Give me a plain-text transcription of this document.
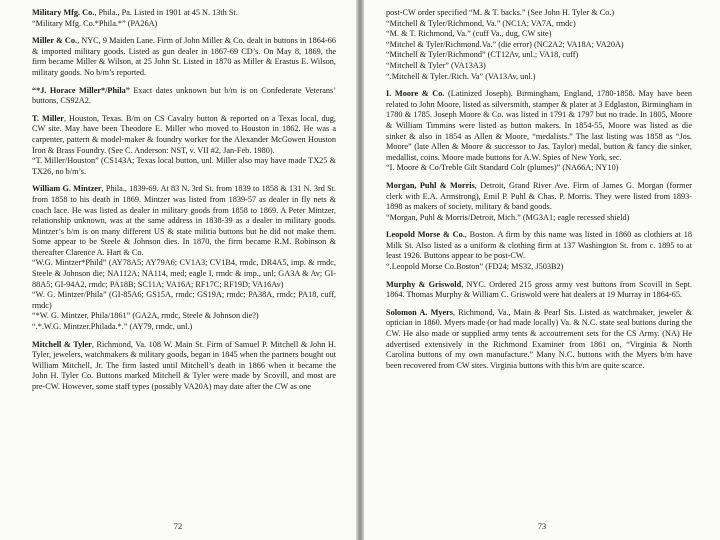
Military Mfg. Co., Phila., Pa. Listed in 1901 at 45 N. 13th St.

“Military Mfg. Co.*Phila.*” (PA26A)

Miller & Co., NYC, 9 Maiden Lane. Firm of John Miller & Co. dealt in buttons in 1864-66 & imported military goods. Listed as gun dealer in 1867-69 CD’s. On May 8, 1869, the firm became Miller & Wilson, at 25 John St. Listed in 1870 as Miller & Erastus E. Wilson, military goods. No b/m’s reported.

“*J. Horace Miller*/Phila” Exact dates unknown but b/m is on Confederate Veterans’ buttons, CS92A2.

T. Miller, Houston, Texas. B/m on CS Cavalry button & reported on a Texas local, dug, CW site. May have been Theodore E. Miller who moved to Houston in 1862. He was a carpenter, pattern & model-maker & foundry worker for the Alexander McGowen Houston Iron & Brass Foundry. (See C. Anderson: NST, v. VII #2, Jan-Feb. 1980).

“T. Miller/Houston” (CS143A; Texas local button, unl. Miller also may have made TX25 & TX26, no b/m’s.

William G. Mintzer, Phila., 1839-69. At 83 N. 3rd St. from 1839 to 1858 & 131 N. 3rd St. from 1858 to his death in 1869. Mintzer was listed from 1839-57 as dealer in fly nets & coach lace. He was listed as dealer in military goods from 1858 to 1869. A Peter Mintzer, relationship unknown, was at the same address in 1838-39 as a dealer in military goods. Mintzer’s b/m is on many different US & state militia buttons but he did not make them. Some appear to be Steele & Johnson dies. In 1870, the firm became R.M. Robinson & thereafter Clarence A. Hart & Co.

“W.G. Mintzer*Phild” (AY78A5; AY79A6; CV1A3; CV1B4, rmdc, DR4A5, imp. & rmdc, Steele & Johnson die; NA112A; NA114, med; eagle I, rmdc & imp., unl; GA3A & Av; GI-88A5; GI-94A2, rmdc; PA18B; SC11A; VA16A; RF17C; RF19D; VA16Av)

“W. G. Mintzer/Phila” (GI-85A6; GS15A, rmdc; GS19A; rmdc; PA38A, rmdc; PA18, cuff, rmdc)

“*W. G. Mintzer, Phila/1861” (GA2A, rmdc, Steele & Johnson die?)

“.*.W.G. Mintzer.Philada.*.” (AY79, rmdc, unl.)

Mitchell & Tyler, Richmond, Va. 108 W. Main St. Firm of Samuel P. Mitchell & John H. Tyler, jewelers, watchmakers & military goods, began in 1845 when the partners bought out William Mitchell, Jr. The firm lasted until Mitchell’s death in 1866 when it became the John H. Tyler Co. Buttons marked Mitchell & Tyler were made by Scovill, and most are pre-CW. However, some staff types (possibly VA20A) may date after the CW as one

72

post-CW order specified “M. & T. backs.” (See John H. Tyler & Co.)

“Mitchell & Tyler/Richmond, Va.” (NC1A; VA7A, rmdc)

“M. & T. Richmond, Va.” (cuff Va., dug, CW site)

“Mitchel & Tyler/Richmond.Va.” (die error) (NC2A2; VA18A; VA20A)

“Mitchell & Tyler/Richmond” (CT12Av, unl.; VA18, cuff)

“Mitchell & Tyler” (VA13A3)

“.Mitchell & Tyler./Rich. Va” (VA13Av, unl.)

I. Moore & Co. (Latinized Joseph). Birmingham, England, 1780-1858. May have been related to John Moore, listed as silversmith, stamper & plater at 3 Edglaston, Birmingham in 1780 & 1785. Joseph Moore & Co. was listed in 1791 & 1797 but no trade. In 1805, Moore & William Timmins were listed as button makers. In 1854-55, Moore was listed as die sinker & also in 1854 as Allen & Moore, “medalists.” The last listing was 1858 as “Jos. Moore” (late Allen & Moore & successor to Jas. Taylor) medal, button & fancy die sinker, medallist, coins. Moore made buttons for A.W. Spies of New York, sec.

“I. Moore & Co/Treble Gilt Standard Colr (plumes)” (NA66A; NY10)

Morgan, Puhl & Morris, Detroit, Grand River Ave. Firm of James G. Morgan (former clerk with E.A. Armstrong), Emil P. Puhl & Chas. P. Morris. They were listed from 1893-1898 as makers of society, military & band goods.

“Morgan, Puhl & Morris/Detroit, Mich.” (MG3A1; eagle recessed shield)

Leopold Morse & Co., Boston. A firm by this name was listed in 1860 as clothiers at 18 Milk St. Also listed as a uniform & clothing firm at 137 Washington St. from c. 1895 to at least 1926. Buttons appear to be post-CW.

“.Leopold Morse Co.Boston” (FD24; MS32, J503B2)

Murphy & Griswold, NYC. Ordered 215 gross army vest buttons from Scovill in Sept. 1864. Thomas Murphy & William C. Griswold were hat dealers at 19 Murray in 1864-65.

Solomon A. Myers, Richmond, Va., Main & Pearl Sts. Listed as watchmaker, jeweler & optician in 1860. Myers made (or had made locally) Va. & N.C. state seal buttons during the CW. He also made or supplied army tents & accoutrement sets for the CS Army. (NA) He advertised extensively in the Richmond Examiner from 1861 on, “Virginia & North Carolina buttons of my own manufacture.” Many N.C. buttons with the Myers b/m have been recovered from CW sites. Virginia buttons with this b/m are quite scarce.

73
